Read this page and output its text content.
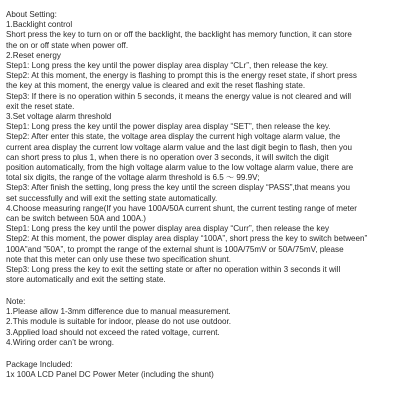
About Setting:
1.Backlight control
Short press the key to turn on or off the backlight, the backlight has memory function, it can store
the on or off state when power off.
2.Reset energy
Step1: Long press the key until the power display area display “CLr”, then release the key.
Step2: At this moment, the energy is flashing to prompt this is the energy reset state, if short press
the key at this moment, the energy value is cleared and exit the reset flashing state.
Step3: If there is no operation within 5 seconds, it means the energy value is not cleared and will
exit the reset state.
3.Set voltage alarm threshold
Step1: Long press the key until the power display area display “SET”, then release the key.
Step2: After enter this state, the voltage area display the current high voltage alarm value, the
current area display the current low voltage alarm value and the last digit begin to flash, then you
can short press to plus 1, when there is no operation over 3 seconds, it will switch the digit
position automatically, from the high voltage alarm value to the low voltage alarm value, there are
total six digits, the range of the voltage alarm threshold is 6.5 ～ 99.9V;
Step3: After finish the setting, long press the key until the screen display “PASS”,that means you
set successfully and will exit the setting state automatically.
4.Choose measuring range(If you have 100A/50A current shunt, the current testing range of meter
can be switch between 50A and 100A.)
Step1: Long press the key until the power display area display “Curr”, then release the key
Step2: At this moment, the power display area display “100A”, short press the key to switch between”
100A”and ”50A”, to prompt the range of the external shunt is 100A/75mV or 50A/75mV, please
note that this meter can only use these two specification shunt.
Step3: Long press the key to exit the setting state or after no operation within 3 seconds it will
store automatically and exit the setting state.
Note:
1.Please allow 1-3mm difference due to manual measurement.
2.This module is suitable for indoor, please do not use outdoor.
3.Applied load should not exceed the rated voltage, current.
4.Wiring order can’t be wrong.
Package Included:
1x 100A LCD Panel DC Power Meter (including the shunt)
